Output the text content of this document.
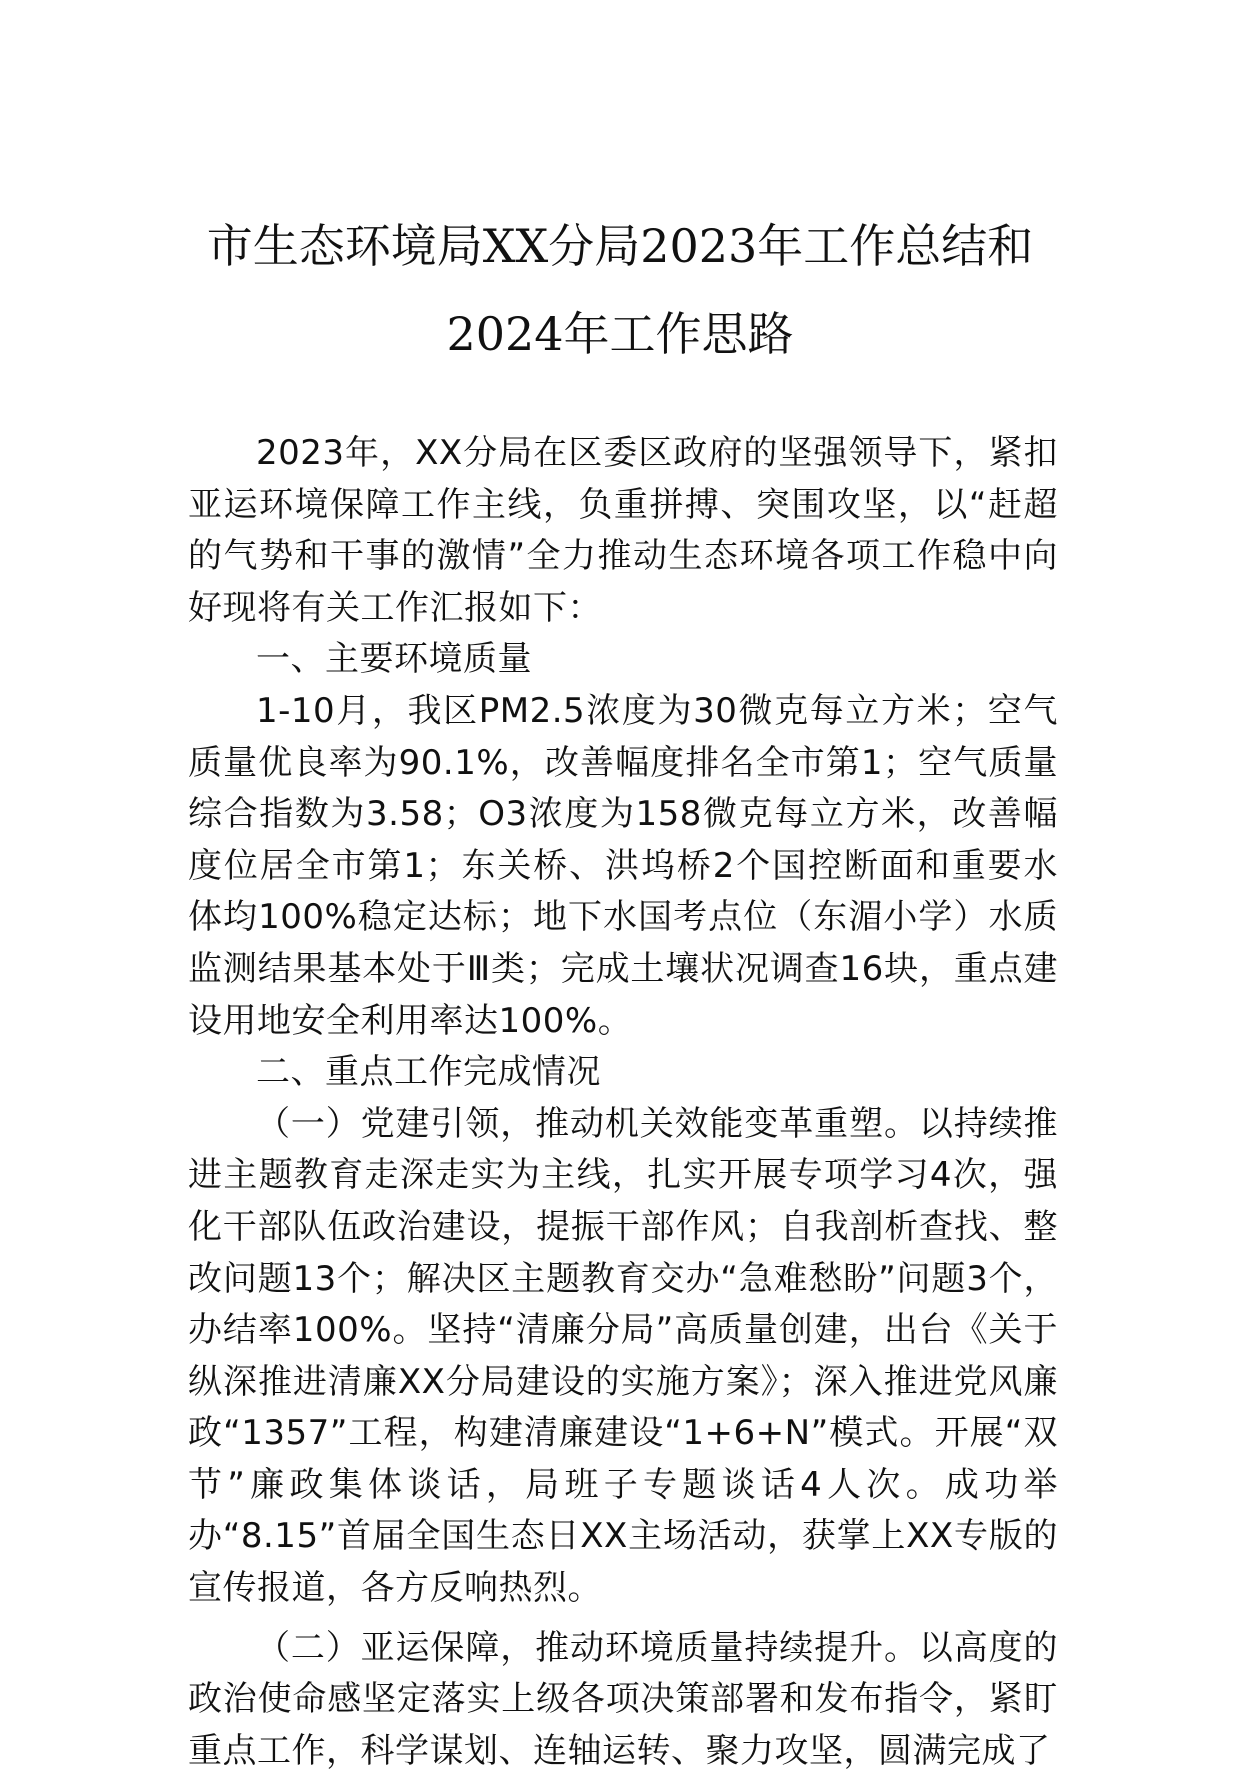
市生态环境局XX分局2023年工作总结和
2024年工作思路

2023年，XX分局在区委区政府的坚强领导下，紧扣亚运环境保障工作主线，负重拼搏、突围攻坚，以“赶超的气势和干事的激情”全力推动生态环境各项工作稳中向好现将有关工作汇报如下：

一、主要环境质量

1-10月，我区PM2.5浓度为30微克每立方米；空气质量优良率为90.1%，改善幅度排名全市第1；空气质量综合指数为3.58；O3浓度为158微克每立方米，改善幅度位居全市第1；东关桥、洪坞桥2个国控断面和重要水体均100%稳定达标；地下水国考点位（东湄小学）水质监测结果基本处于Ⅲ类；完成土壤状况调查16块，重点建设用地安全利用率达100%。

二、重点工作完成情况

（一）党建引领，推动机关效能变革重塑。以持续推进主题教育走深走实为主线，扎实开展专项学习4次，强化干部队伍政治建设，提振干部作风；自我剖析查找、整改问题13个；解决区主题教育交办“急难愁盼”问题3个，办结率100%。坚持“清廉分局”高质量创建，出台《关于纵深推进清廉XX分局建设的实施方案》；深入推进党风廉政“1357”工程，构建清廉建设“1+6+N”模式。开展“双节”廉政集体谈话，局班子专题谈话4人次。成功举办“8.15”首届全国生态日XX主场活动，获掌上XX专版的宣传报道，各方反响热烈。

（二）亚运保障，推动环境质量持续提升。以高度的政治使命感坚定落实上级各项决策部署和发布指令，紧盯重点工作，科学谋划、连轴运转、聚力攻坚，圆满完成了
